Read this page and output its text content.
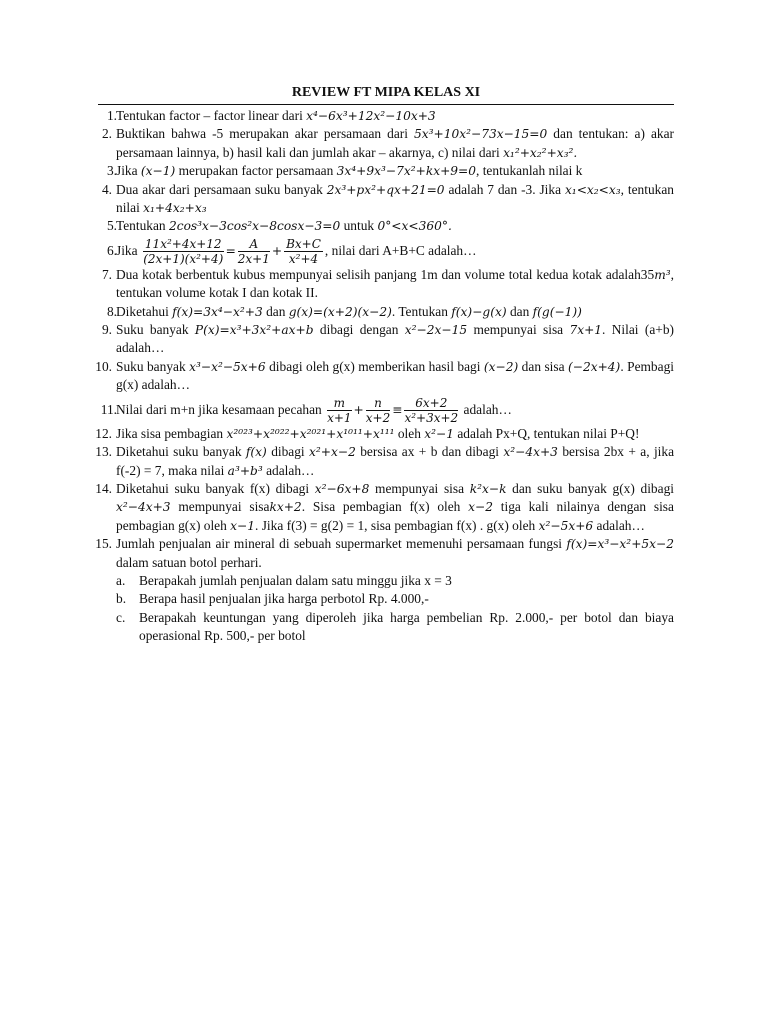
REVIEW FT MIPA KELAS XI
1. Tentukan factor – factor linear dari x⁴−6x³+12x²−10x+3
2. Buktikan bahwa -5 merupakan akar persamaan dari 5x³+10x²−73x−15=0 dan tentukan: a) akar persamaan lainnya, b) hasil kali dan jumlah akar – akarnya, c) nilai dari x₁²+x₂²+x₃².
3. Jika (x−1) merupakan factor persamaan 3x⁴+9x³−7x²+kx+9=0, tentukanlah nilai k
4. Dua akar dari persamaan suku banyak 2x³+px²+qx+21=0 adalah 7 dan -3. Jika x₁<x₂<x₃, tentukan nilai x₁+4x₂+x₃
5. Tentukan 2cos³x−3cos²x−8cosx−3=0 untuk 0°<x<360°.
6. Jika $\frac{\text{11x²+4x+12}}{\text{(2x+1)(x²+4)}} = \frac{A}{2x+1} + \frac{Bx+C}{\text{x²+4}}$ , nilai dari A+B+C adalah…
7. Dua kotak berbentuk kubus mempunyai selisih panjang 1m dan volume total kedua kotak adalah35m³, tentukan volume kotak I dan kotak II.
8. Diketahui f(x)=3x⁴−x²+3 dan g(x)=(x+2)(x−2). Tentukan f(x)−g(x) dan f(g(−1))
9. Suku banyak P(x)=x³+3x²+ax+b dibagi dengan x²−2x−15 mempunyai sisa 7x+1. Nilai (a+b) adalah…
10. Suku banyak x³−x²−5x+6 dibagi oleh g(x) memberikan hasil bagi (x−2) dan sisa (−2x+4). Pembagi g(x) adalah…
11. Nilai dari m+n jika kesamaan pecahan $\frac{m}{x+1} + \frac{n}{x+2} \equiv \frac{6x+2}{\text{x²+3x+2}}$ adalah…
12. Jika sisa pembagian x²⁰²³+x²⁰²²+x²⁰²¹+x¹⁰¹¹+x¹¹¹ oleh x²−1 adalah Px+Q, tentukan nilai P+Q!
13. Diketahui suku banyak f(x) dibagi x²+x−2 bersisa ax + b dan dibagi x²−4x+3 bersisa 2bx + a, jika f(-2) = 7, maka nilai a³+b³ adalah…
14. Diketahui suku banyak f(x) dibagi x²−6x+8 mempunyai sisa k²x−k dan suku banyak g(x) dibagi x²−4x+3 mempunyai sisakx+2. Sisa pembagian f(x) oleh x−2 tiga kali nilainya dengan sisa pembagian g(x) oleh x−1. Jika f(3) = g(2) = 1, sisa pembagian f(x) . g(x) oleh x²−5x+6 adalah…
15. Jumlah penjualan air mineral di sebuah supermarket memenuhi persamaan fungsi f(x)=x³−x²+5x−2 dalam satuan botol perhari.
a. Berapakah jumlah penjualan dalam satu minggu jika x = 3
b. Berapa hasil penjualan jika harga perbotol Rp. 4.000,-
c. Berapakah keuntungan yang diperoleh jika harga pembelian Rp. 2.000,- per botol dan biaya operasional Rp. 500,- per botol
